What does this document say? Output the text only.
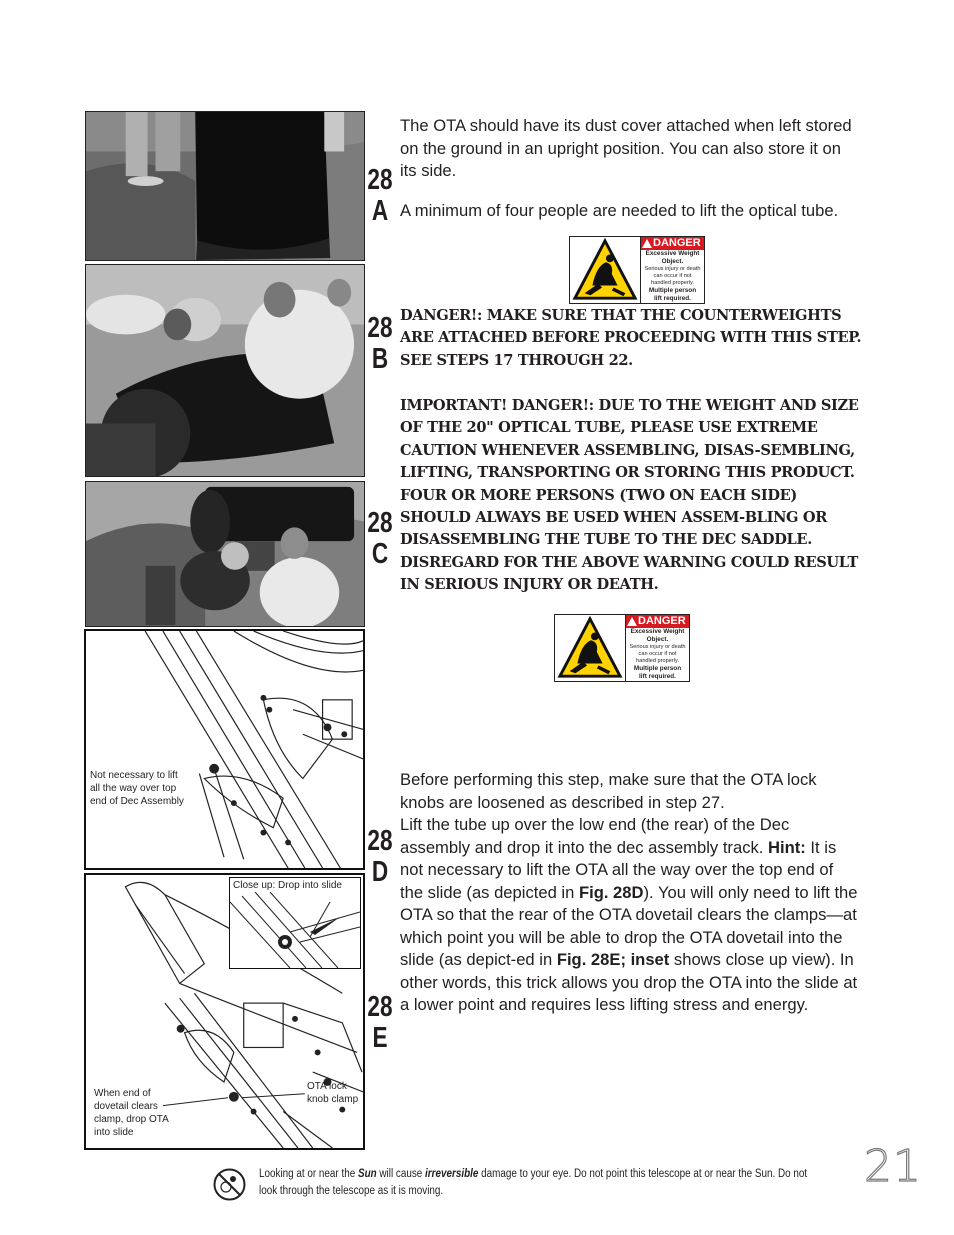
Not necessary to lift all the way over top end of Dec Assembly
Close up: Drop into slide
When end of dovetail clears clamp, drop OTA into slide
OTA lock knob clamp
28
A
28
B
28
C
28
D
28
E

The OTA should have its dust cover attached when left stored on the ground in an upright position. You can also store it on its side.

A minimum of four people are needed to lift the optical tube.

DANGER
Excessive Weight
Object.
Serious injury or death
can occur if not
handled properly.
Multiple person
lift required.

DANGER!: MAKE SURE THAT THE COUNTERWEIGHTS ARE ATTACHED BEFORE PROCEEDING WITH THIS STEP. SEE STEPS 17 THROUGH 22.

IMPORTANT! DANGER!: DUE TO THE WEIGHT AND SIZE OF THE 20" OPTICAL TUBE, PLEASE USE EXTREME CAUTION WHENEVER ASSEMBLING, DISAS-SEMBLING, LIFTING, TRANSPORTING OR STORING THIS PRODUCT. FOUR OR MORE PERSONS (TWO ON EACH SIDE) SHOULD ALWAYS BE USED WHEN ASSEM-BLING OR DISASSEMBLING THE TUBE TO THE DEC SADDLE. DISREGARD FOR THE ABOVE WARNING COULD RESULT IN SERIOUS INJURY OR DEATH.

DANGER
Excessive Weight
Object.
Serious injury or death
can occur if not
handled properly.
Multiple person
lift required.

Before performing this step, make sure that the OTA lock knobs are loosened as described in step 27.
Lift the tube up over the low end (the rear) of the Dec assembly and drop it into the dec assembly track. Hint: It is not necessary to lift the OTA all the way over the top end of the slide (as depicted in Fig. 28D). You will only need to lift the OTA so that the rear of the OTA dovetail clears the clamps—at which point you will be able to drop the OTA dovetail into the slide (as depict-ed in Fig. 28E; inset shows close up view). In other words, this trick allows you drop the OTA into the slide at a lower point and requires less lifting stress and energy.

Looking at or near the Sun will cause irreversible damage to your eye. Do not point this telescope at or near the Sun. Do not look through the telescope as it is moving.	21
